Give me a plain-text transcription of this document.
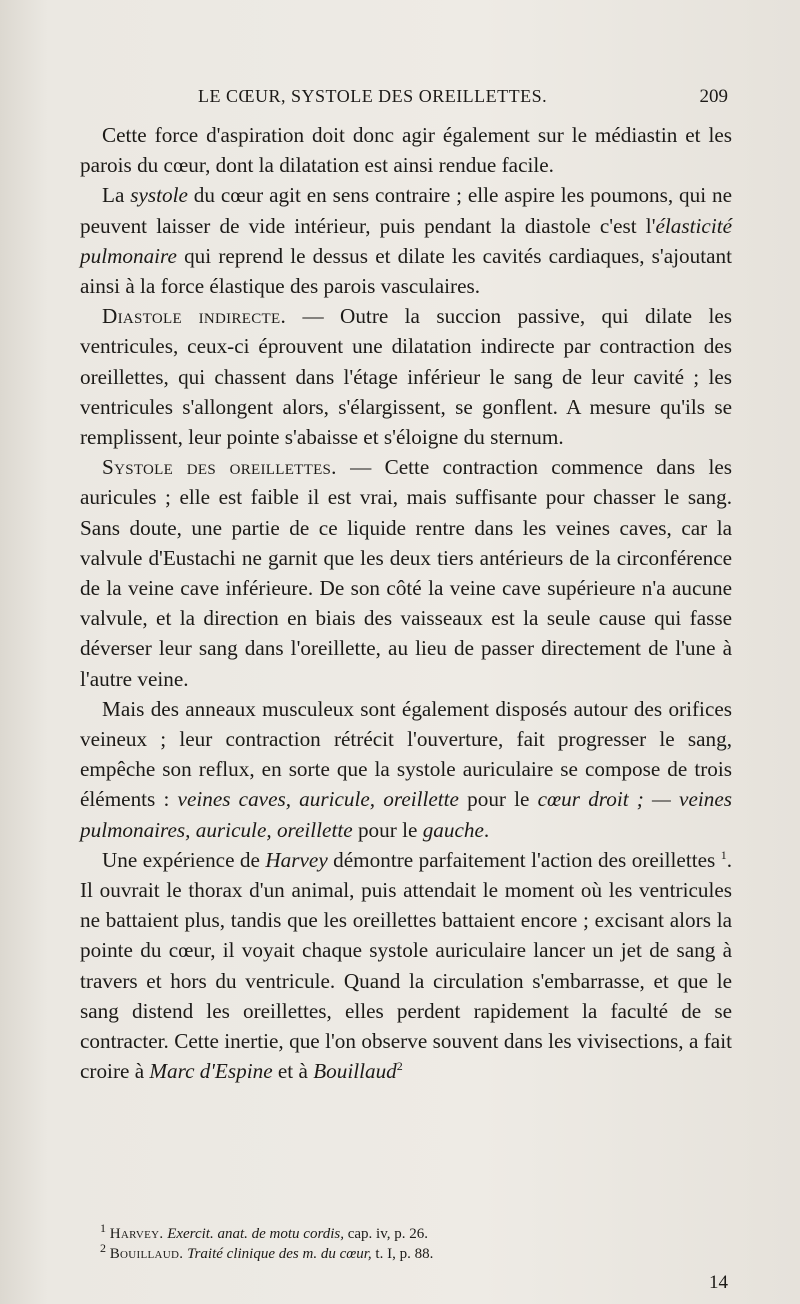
LE CŒUR, SYSTOLE DES OREILLETTES.	209

Cette force d'aspiration doit donc agir également sur le médiastin et les parois du cœur, dont la dilatation est ainsi rendue facile.

La systole du cœur agit en sens contraire ; elle aspire les poumons, qui ne peuvent laisser de vide intérieur, puis pendant la diastole c'est l'élasticité pulmonaire qui reprend le dessus et dilate les cavités cardiaques, s'ajoutant ainsi à la force élastique des parois vasculaires.

Diastole indirecte. — Outre la succion passive, qui dilate les ventricules, ceux-ci éprouvent une dilatation indirecte par contraction des oreillettes, qui chassent dans l'étage inférieur le sang de leur cavité ; les ventricules s'allongent alors, s'élargissent, se gonflent. A mesure qu'ils se remplissent, leur pointe s'abaisse et s'éloigne du sternum.

Systole des oreillettes. — Cette contraction commence dans les auricules ; elle est faible il est vrai, mais suffisante pour chasser le sang. Sans doute, une partie de ce liquide rentre dans les veines caves, car la valvule d'Eustachi ne garnit que les deux tiers antérieurs de la circonférence de la veine cave inférieure. De son côté la veine cave supérieure n'a aucune valvule, et la direction en biais des vaisseaux est la seule cause qui fasse déverser leur sang dans l'oreillette, au lieu de passer directement de l'une à l'autre veine.

Mais des anneaux musculeux sont également disposés autour des orifices veineux ; leur contraction rétrécit l'ouverture, fait progresser le sang, empêche son reflux, en sorte que la systole auriculaire se compose de trois éléments : veines caves, auricule, oreillette pour le cœur droit ; — veines pulmonaires, auricule, oreillette pour le gauche.

Une expérience de Harvey démontre parfaitement l'action des oreillettes $^1$. Il ouvrait le thorax d'un animal, puis attendait le moment où les ventricules ne battaient plus, tandis que les oreillettes battaient encore ; excisant alors la pointe du cœur, il voyait chaque systole auriculaire lancer un jet de sang à travers et hors du ventricule. Quand la circulation s'embarrasse, et que le sang distend les oreillettes, elles perdent rapidement la faculté de se contracter. Cette inertie, que l'on observe souvent dans les vivisections, a fait croire à Marc d'Espine et à Bouillaud$^2$

$^1$ Harvey. Exercit. anat. de motu cordis, cap. iv, p. 26.

$^2$ Bouillaud. Traité clinique des m. du cœur, t. I, p. 88.

14
